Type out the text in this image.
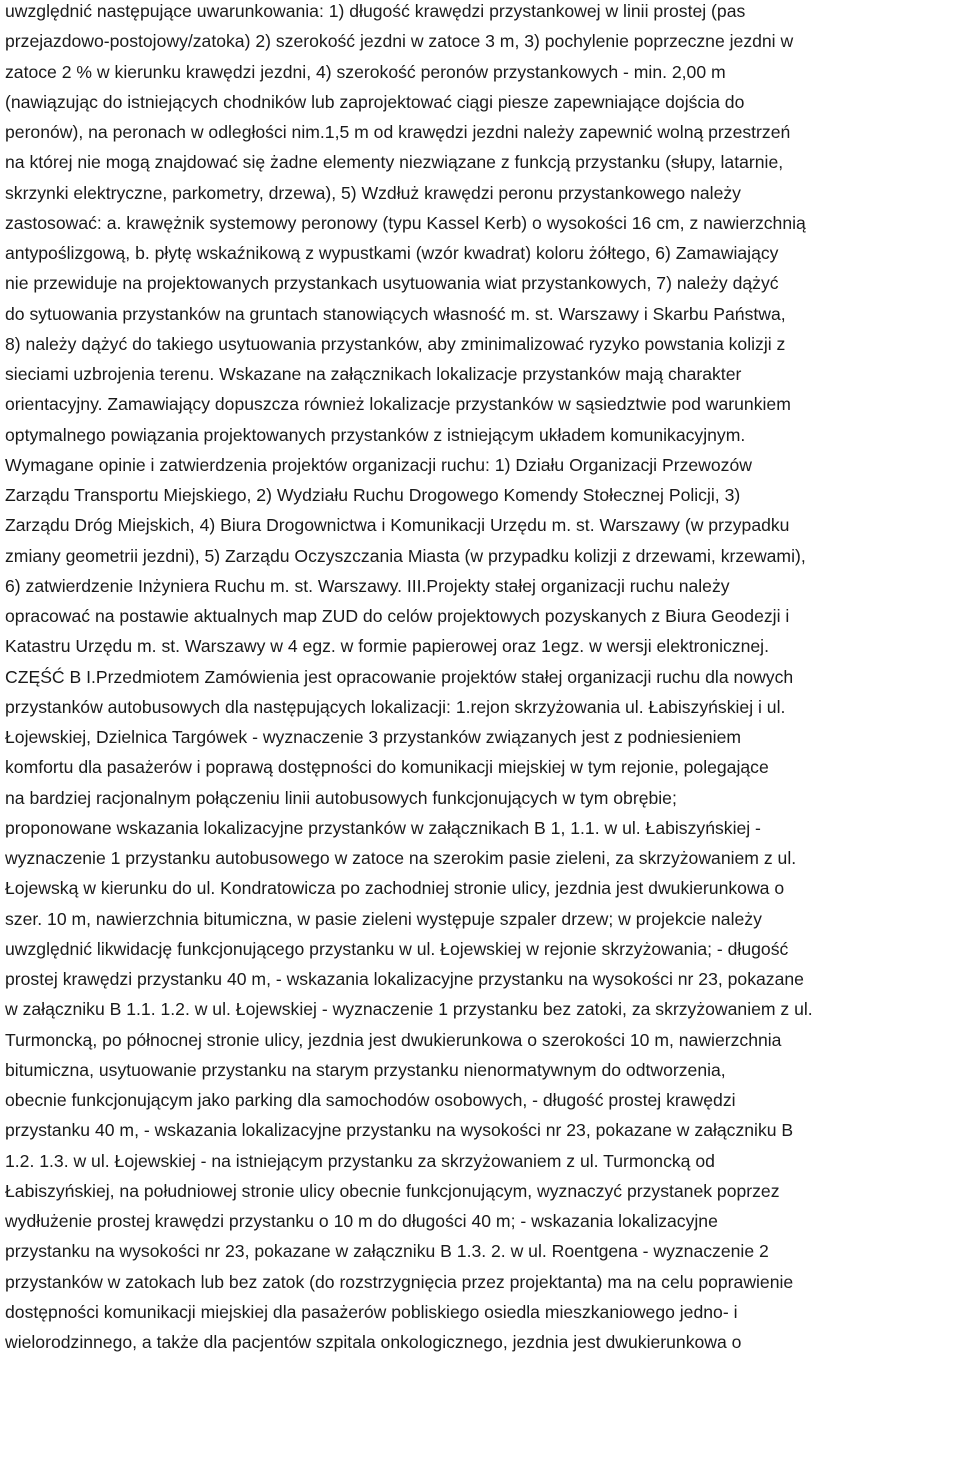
uwzględnić następujące uwarunkowania: 1) długość krawędzi przystankowej w linii prostej (pas
przejazdowo-postojowy/zatoka) 2) szerokość jezdni w zatoce 3 m, 3) pochylenie poprzeczne jezdni w
zatoce 2 % w kierunku krawędzi jezdni, 4) szerokość peronów przystankowych - min. 2,00 m
(nawiązując do istniejących chodników lub zaprojektować ciągi piesze zapewniające dojścia do
peronów), na peronach w odległości nim.1,5 m od krawędzi jezdni należy zapewnić wolną przestrzeń
na której nie mogą znajdować się żadne elementy niezwiązane z funkcją przystanku (słupy, latarnie,
skrzynki elektryczne, parkometry, drzewa), 5) Wzdłuż krawędzi peronu przystankowego należy
zastosować: a. krawężnik systemowy peronowy (typu Kassel Kerb) o wysokości 16 cm, z nawierzchnią
antypoślizgową, b. płytę wskaźnikową z wypustkami (wzór kwadrat) koloru żółtego, 6) Zamawiający
nie przewiduje na projektowanych przystankach usytuowania wiat przystankowych, 7) należy dążyć
do sytuowania przystanków na gruntach stanowiących własność m. st. Warszawy i Skarbu Państwa,
8) należy dążyć do takiego usytuowania przystanków, aby zminimalizować ryzyko powstania kolizji z
sieciami uzbrojenia terenu. Wskazane na załącznikach lokalizacje przystanków mają charakter
orientacyjny. Zamawiający dopuszcza również lokalizacje przystanków w sąsiedztwie pod warunkiem
optymalnego powiązania projektowanych przystanków z istniejącym układem komunikacyjnym.
Wymagane opinie i zatwierdzenia projektów organizacji ruchu: 1) Działu Organizacji Przewozów
Zarządu Transportu Miejskiego, 2) Wydziału Ruchu Drogowego Komendy Stołecznej Policji, 3)
Zarządu Dróg Miejskich, 4) Biura Drogownictwa i Komunikacji Urzędu m. st. Warszawy (w przypadku
zmiany geometrii jezdni), 5) Zarządu Oczyszczania Miasta (w przypadku kolizji z drzewami, krzewami),
6) zatwierdzenie Inżyniera Ruchu m. st. Warszawy. III.Projekty stałej organizacji ruchu należy
opracować na postawie aktualnych map ZUD do celów projektowych pozyskanych z Biura Geodezji i
Katastru Urzędu m. st. Warszawy w 4 egz. w formie papierowej oraz 1egz. w wersji elektronicznej.
CZĘŚĆ B I.Przedmiotem Zamówienia jest opracowanie projektów stałej organizacji ruchu dla nowych
przystanków autobusowych dla następujących lokalizacji: 1.rejon skrzyżowania ul. Łabiszyńskiej i ul.
Łojewskiej, Dzielnica Targówek - wyznaczenie 3 przystanków związanych jest z podniesieniem
komfortu dla pasażerów i poprawą dostępności do komunikacji miejskiej w tym rejonie, polegające
na bardziej racjonalnym połączeniu linii autobusowych funkcjonujących w tym obrębie;
proponowane wskazania lokalizacyjne przystanków w załącznikach B 1, 1.1. w ul. Łabiszyńskiej -
wyznaczenie 1 przystanku autobusowego w zatoce na szerokim pasie zieleni, za skrzyżowaniem z ul.
Łojewską w kierunku do ul. Kondratowicza po zachodniej stronie ulicy, jezdnia jest dwukierunkowa o
szer. 10 m, nawierzchnia bitumiczna, w pasie zieleni występuje szpaler drzew; w projekcie należy
uwzględnić likwidację funkcjonującego przystanku w ul. Łojewskiej w rejonie skrzyżowania; - długość
prostej krawędzi przystanku 40 m, - wskazania lokalizacyjne przystanku na wysokości nr 23, pokazane
w załączniku B 1.1. 1.2. w ul. Łojewskiej - wyznaczenie 1 przystanku bez zatoki, za skrzyżowaniem z ul.
Turmoncką, po północnej stronie ulicy, jezdnia jest dwukierunkowa o szerokości 10 m, nawierzchnia
bitumiczna, usytuowanie przystanku na starym przystanku nienormatywnym do odtworzenia,
obecnie funkcjonującym jako parking dla samochodów osobowych, - długość prostej krawędzi
przystanku 40 m, - wskazania lokalizacyjne przystanku na wysokości nr 23, pokazane w załączniku B
1.2. 1.3. w ul. Łojewskiej - na istniejącym przystanku za skrzyżowaniem z ul. Turmoncką od
Łabiszyńskiej, na południowej stronie ulicy obecnie funkcjonującym, wyznaczyć przystanek poprzez
wydłużenie prostej krawędzi przystanku o 10 m do długości 40 m; - wskazania lokalizacyjne
przystanku na wysokości nr 23, pokazane w załączniku B 1.3. 2. w ul. Roentgena - wyznaczenie 2
przystanków w zatokach lub bez zatok (do rozstrzygnięcia przez projektanta) ma na celu poprawienie
dostępności komunikacji miejskiej dla pasażerów pobliskiego osiedla mieszkaniowego jedno- i
wielorodzinnego, a także dla pacjentów szpitala onkologicznego, jezdnia jest dwukierunkowa o
